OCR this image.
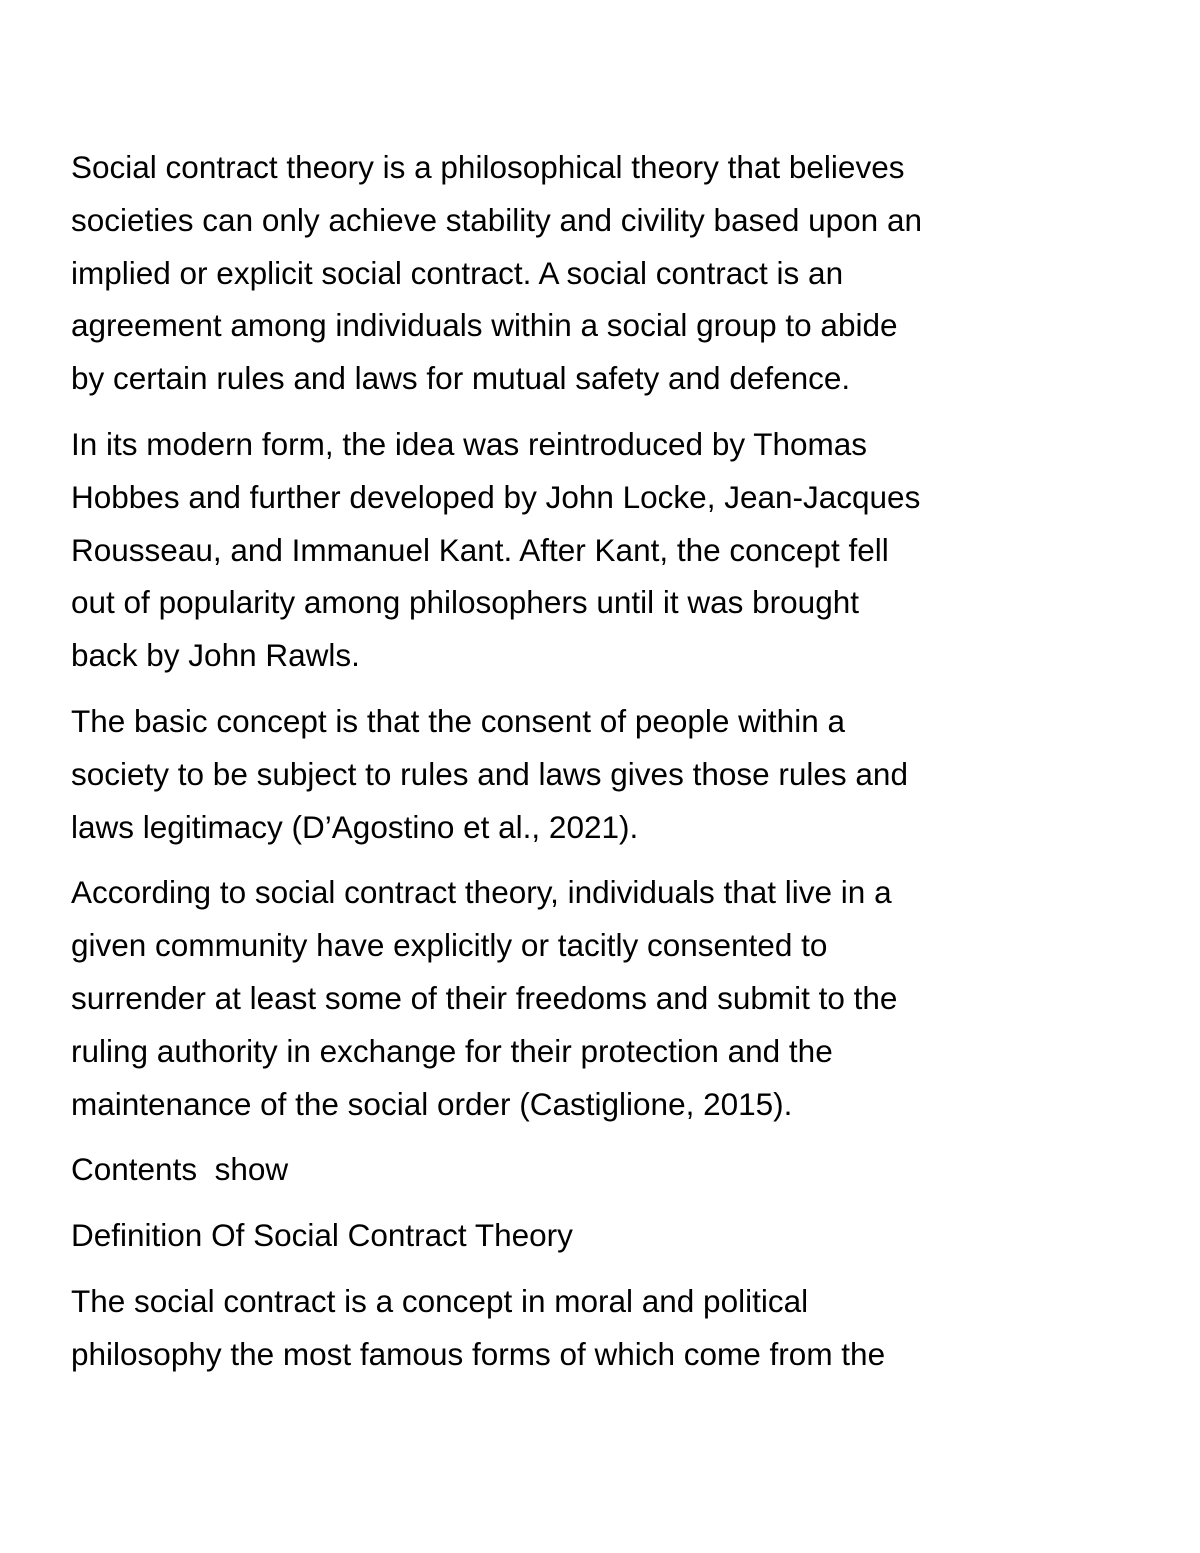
Social contract theory is a philosophical theory that believes
societies can only achieve stability and civility based upon an
implied or explicit social contract. A social contract is an
agreement among individuals within a social group to abide
by certain rules and laws for mutual safety and defence.

In its modern form, the idea was reintroduced by Thomas
Hobbes and further developed by John Locke, Jean-Jacques
Rousseau, and Immanuel Kant. After Kant, the concept fell
out of popularity among philosophers until it was brought
back by John Rawls.

The basic concept is that the consent of people within a
society to be subject to rules and laws gives those rules and
laws legitimacy (D’Agostino et al., 2021).

According to social contract theory, individuals that live in a
given community have explicitly or tacitly consented to
surrender at least some of their freedoms and submit to the
ruling authority in exchange for their protection and the
maintenance of the social order (Castiglione, 2015).

Contents  show

Definition Of Social Contract Theory

The social contract is a concept in moral and political
philosophy the most famous forms of which come from the
